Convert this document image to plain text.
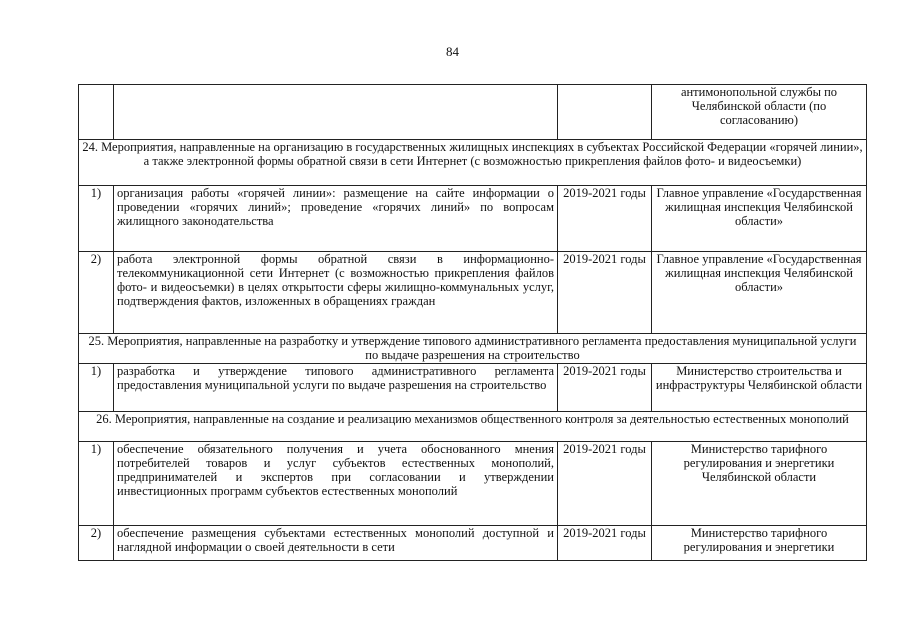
84
			антимонопольной службы по Челябинской области (по согласованию)
24. Мероприятия, направленные на организацию в государственных жилищных инспекциях в субъектах Российской Федерации «горячей линии», а также электронной формы обратной связи в сети Интернет (с возможностью прикрепления файлов фото- и видеосъемки)			
1)	организация работы «горячей линии»: размещение на сайте информации о проведении «горячих линий»; проведение «горячих линий» по вопросам жилищного законодательства	2019-2021 годы	Главное управление «Государственная жилищная инспекция Челябинской области»
2)	работа электронной формы обратной связи в информационно-телекоммуникационной сети Интернет (с возможностью прикрепления файлов фото- и видеосъемки) в целях открытости сферы жилищно-коммунальных услуг, подтверждения фактов, изложенных в обращениях граждан	2019-2021 годы	Главное управление «Государственная жилищная инспекция Челябинской области»
25. Мероприятия, направленные на разработку и утверждение типового административного регламента предоставления муниципальной услуги по выдаче разрешения на строительство			
1)	разработка и утверждение типового административного регламента предоставления муниципальной услуги по выдаче разрешения на строительство	2019-2021 годы	Министерство строительства и инфраструктуры Челябинской области
26. Мероприятия, направленные на создание и реализацию механизмов общественного контроля за деятельностью естественных монополий			
1)	обеспечение обязательного получения и учета обоснованного мнения потребителей товаров и услуг субъектов естественных монополий, предпринимателей и экспертов при согласовании и утверждении инвестиционных программ субъектов естественных монополий	2019-2021 годы	Министерство тарифного регулирования и энергетики Челябинской области
2)	обеспечение размещения субъектами естественных монополий доступной и наглядной информации о своей деятельности в сети	2019-2021 годы	Министерство тарифного регулирования и энергетики
